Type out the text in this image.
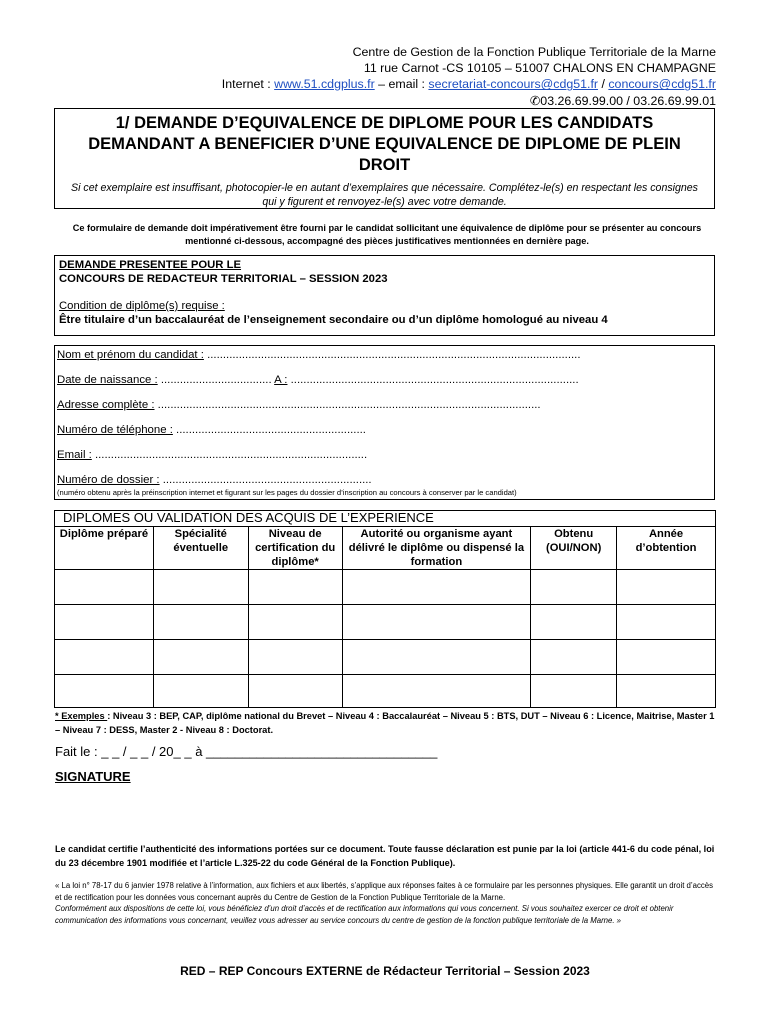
Centre de Gestion de la Fonction Publique Territoriale de la Marne
11 rue Carnot -CS 10105 – 51007 CHALONS EN CHAMPAGNE
Internet : www.51.cdgplus.fr – email : secretariat-concours@cdg51.fr / concours@cdg51.fr
✆03.26.69.99.00 / 03.26.69.99.01
1/ DEMANDE D’EQUIVALENCE DE DIPLOME POUR LES CANDIDATS DEMANDANT A BENEFICIER D’UNE EQUIVALENCE DE DIPLOME DE PLEIN DROIT
Si cet exemplaire est insuffisant, photocopier-le en autant d’exemplaires que nécessaire. Complétez-le(s) en respectant les consignes qui y figurent et renvoyez-le(s) avec votre demande.
Ce formulaire de demande doit impérativement être fourni par le candidat sollicitant une équivalence de diplôme pour se présenter au concours mentionné ci-dessous, accompagné des pièces justificatives mentionnées en dernière page.
DEMANDE PRESENTEE POUR LE
CONCOURS DE REDACTEUR TERRITORIAL – SESSION 2023
Condition de diplôme(s) requise :
Être titulaire d’un baccalauréat de l’enseignement secondaire ou d’un diplôme homologué au niveau 4
Nom et prénom du candidat : ......................................................................................................................
Date de naissance : ................................... A : ...........................................................................................
Adresse complète : .........................................................................................................................
Numéro de téléphone : ............................................................
Email : ......................................................................................
Numéro de dossier : ..................................................................
(numéro obtenu après la préinscription internet et figurant sur les pages du dossier d’inscription au concours à conserver par le candidat)
DIPLOMES OU VALIDATION DES ACQUIS DE L’EXPERIENCE					
Diplôme préparé	Spécialité éventuelle	Niveau de certification du diplôme*	Autorité ou organisme ayant délivré le diplôme ou dispensé la formation	Obtenu (OUI/NON)	Année d’obtention

* Exemples : Niveau 3 : BEP, CAP, diplôme national du Brevet – Niveau 4 : Baccalauréat – Niveau 5 : BTS, DUT – Niveau 6 : Licence, Maitrise, Master 1 – Niveau 7 : DESS, Master 2 - Niveau 8 : Doctorat.
Fait le : _ _ / _ _ / 20_ _ à ________________________________
SIGNATURE
Le candidat certifie l’authenticité des informations portées sur ce document. Toute fausse déclaration est punie par la loi (article 441-6 du code pénal, loi du 23 décembre 1901 modifiée et l’article L.325-22 du code Général de la Fonction Publique).
« La loi n° 78-17 du 6 janvier 1978 relative à l’information, aux fichiers et aux libertés, s’applique aux réponses faites à ce formulaire par les personnes physiques. Elle garantit un droit d’accès et de rectification pour les données vous concernant auprès du Centre de Gestion de la Fonction Publique Territoriale de la Marne.
Conformément aux dispositions de cette loi, vous bénéficiez d’un droit d’accès et de rectification aux informations qui vous concernent. Si vous souhaitez exercer ce droit et obtenir communication des informations vous concernant, veuillez vous adresser au service concours du centre de gestion de la fonction publique territoriale de la Marne. »
RED – REP Concours EXTERNE de Rédacteur Territorial – Session 2023
